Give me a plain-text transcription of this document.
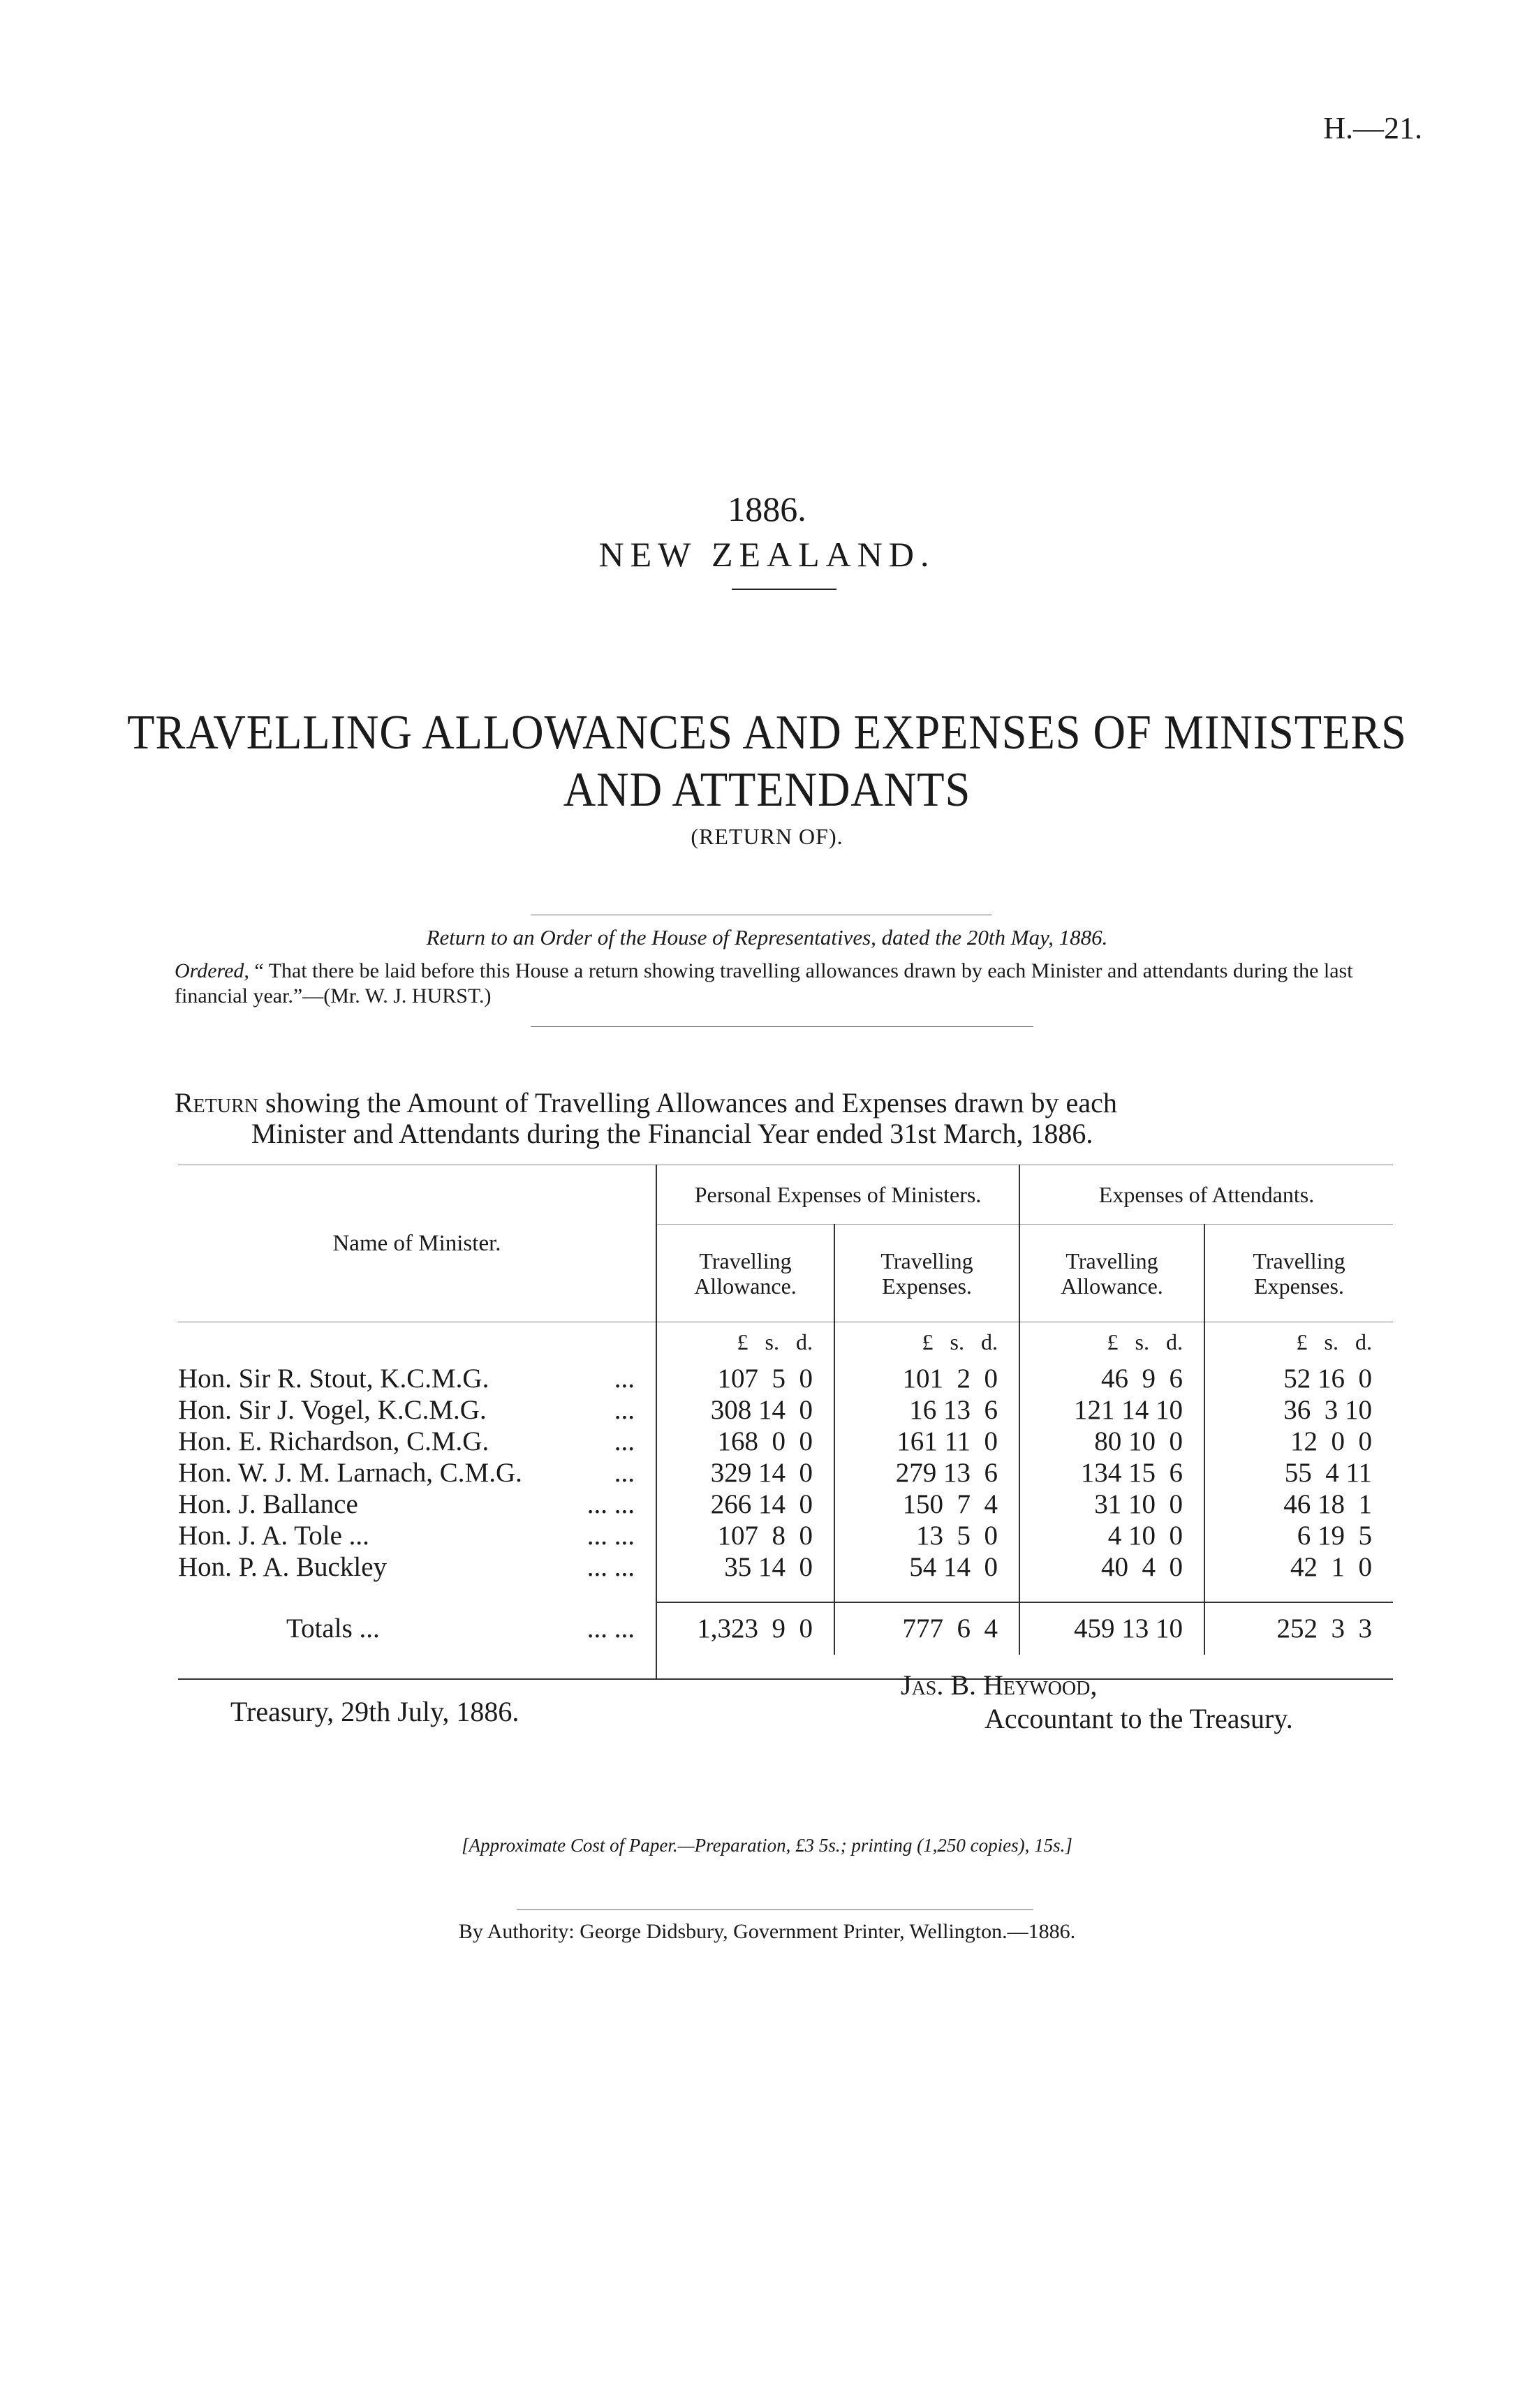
H.—21.
1886.
NEW ZEALAND.
TRAVELLING ALLOWANCES AND EXPENSES OF MINISTERS
AND ATTENDANTS
(RETURN OF).
Return to an Order of the House of Representatives, dated the 20th May, 1886.
Ordered, “ That there be laid before this House a return showing travelling allowances drawn by each Minister and attendants during the last financial year.”—(Mr. W. J. HURST.)
Return showing the Amount of Travelling Allowances and Expenses drawn by each
Minister and Attendants during the Financial Year ended 31st March, 1886.
Name of Minister.	Personal Expenses of Ministers.		Expenses of Attendants.	
	Travelling Allowance.	Travelling Expenses.	Travelling Allowance.	Travelling Expenses.
	£   s.   d.	£   s.   d.	£   s.   d.	£   s.   d.
Hon. Sir R. Stout, K.C.M.G. ...	107  5  0	101  2  0	46  9  6	52 16  0
Hon. Sir J. Vogel, K.C.M.G. ...	308 14  0	16 13  6	121 14 10	36  3 10
Hon. E. Richardson, C.M.G. ...	168  0  0	161 11  0	80 10  0	12  0  0
Hon. W. J. M. Larnach, C.M.G. ...	329 14  0	279 13  6	134 15  6	55  4 11
Hon. J. Ballance ... ...	266 14  0	150  7  4	31 10  0	46 18  1
Hon. J. A. Tole ... ... ...	107  8  0	13  5  0	4 10  0	6 19  5
Hon. P. A. Buckley ... ...	35 14  0	54 14  0	40  4  0	42  1  0

Totals ... ... ...	1,323  9  0	777  6  4	459 13 10	252  3  3

Treasury, 29th July, 1886.
Jas. B. Heywood,
Accountant to the Treasury.
[Approximate Cost of Paper.—Preparation, £3 5s.; printing (1,250 copies), 15s.]
By Authority: George Didsbury, Government Printer, Wellington.—1886.
